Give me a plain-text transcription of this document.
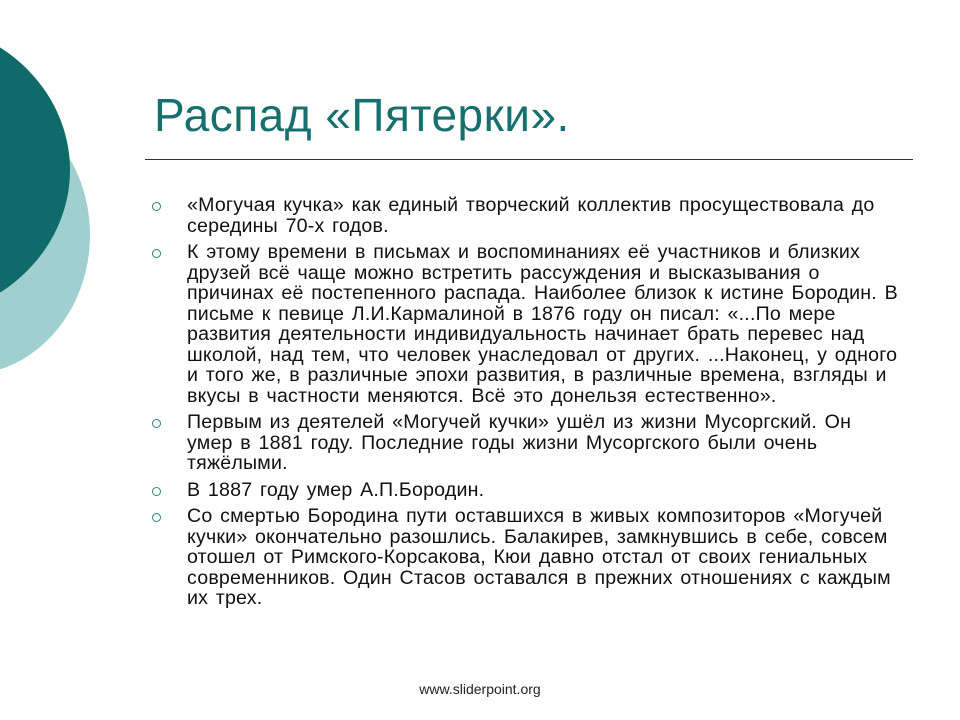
Распад «Пятерки».
«Могучая кучка» как единый творческий коллектив просуществовала до середины 70-х годов.
К этому времени в письмах и воспоминаниях её участников и близких друзей всё чаще можно встретить рассуждения и высказывания о причинах её постепенного распада. Наиболее близок к истине Бородин. В письме к певице Л.И.Кармалиной в 1876 году он писал: «...По мере развития деятельности индивидуальность начинает брать перевес над школой, над тем, что человек унаследовал от других. ...Наконец, у одного и того же, в различные эпохи развития, в различные времена, взгляды и вкусы в частности меняются. Всё это донельзя естественно».
Первым из деятелей «Могучей кучки» ушёл из жизни Мусоргский. Он умер в 1881 году. Последние годы жизни Мусоргского были очень тяжёлыми.
В 1887 году умер А.П.Бородин.
Со смертью Бородина пути оставшихся в живых композиторов «Могучей кучки» окончательно разошлись. Балакирев, замкнувшись в себе, совсем отошел от Римского-Корсакова, Кюи давно отстал от своих гениальных современников. Один Стасов оставался в прежних отношениях с каждым их трех.
www.sliderpoint.org
